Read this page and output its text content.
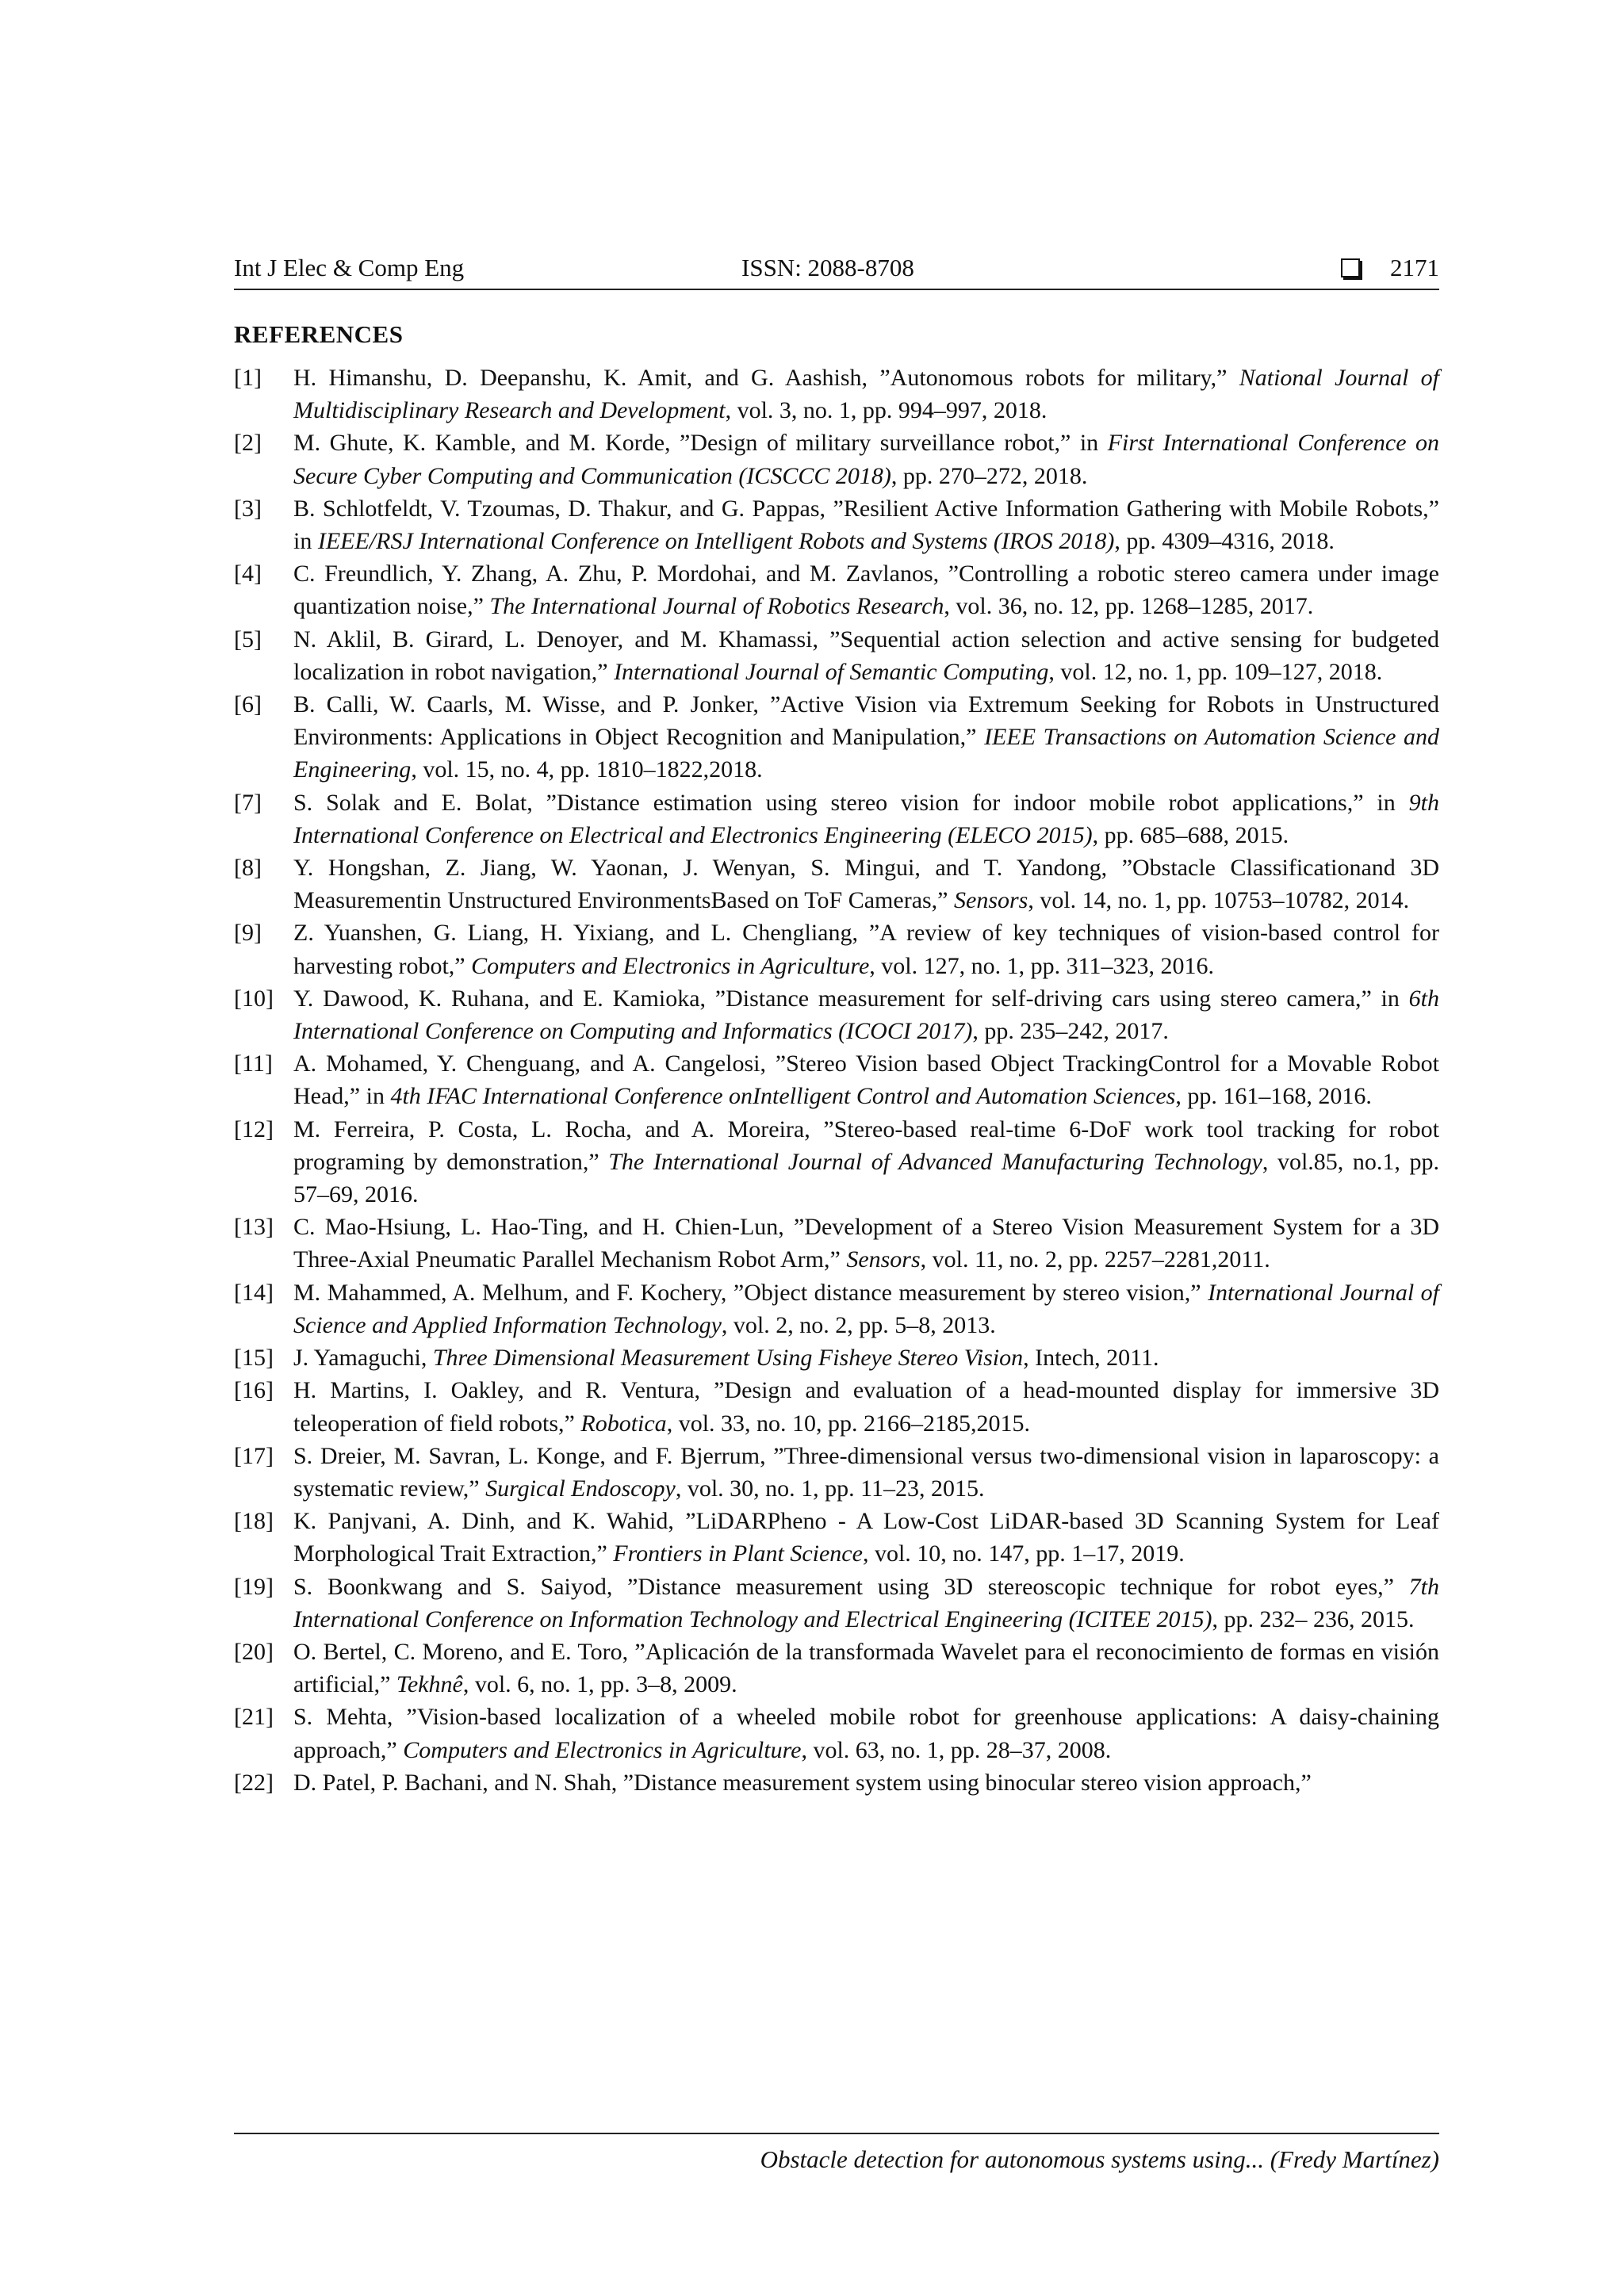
Int J Elec & Comp Eng	ISSN: 2088-8708	2171
REFERENCES

[1] H. Himanshu, D. Deepanshu, K. Amit, and G. Aashish, ”Autonomous robots for military,” National Journal of Multidisciplinary Research and Development, vol. 3, no. 1, pp. 994–997, 2018.

[2] M. Ghute, K. Kamble, and M. Korde, ”Design of military surveillance robot,” in First International Conference on Secure Cyber Computing and Communication (ICSCCC 2018), pp. 270–272, 2018.

[3] B. Schlotfeldt, V. Tzoumas, D. Thakur, and G. Pappas, ”Resilient Active Information Gathering with Mobile Robots,” in IEEE/RSJ International Conference on Intelligent Robots and Systems (IROS 2018), pp. 4309–4316, 2018.

[4] C. Freundlich, Y. Zhang, A. Zhu, P. Mordohai, and M. Zavlanos, ”Controlling a robotic stereo camera under image quantization noise,” The International Journal of Robotics Research, vol. 36, no. 12, pp. 1268–1285, 2017.

[5] N. Aklil, B. Girard, L. Denoyer, and M. Khamassi, ”Sequential action selection and active sensing for budgeted localization in robot navigation,” International Journal of Semantic Computing, vol. 12, no. 1, pp. 109–127, 2018.

[6] B. Calli, W. Caarls, M. Wisse, and P. Jonker, ”Active Vision via Extremum Seeking for Robots in Unstructured Environments: Applications in Object Recognition and Manipulation,” IEEE Transactions on Automation Science and Engineering, vol. 15, no. 4, pp. 1810–1822,2018.

[7] S. Solak and E. Bolat, ”Distance estimation using stereo vision for indoor mobile robot applications,” in 9th International Conference on Electrical and Electronics Engineering (ELECO 2015), pp. 685–688, 2015.

[8] Y. Hongshan, Z. Jiang, W. Yaonan, J. Wenyan, S. Mingui, and T. Yandong, ”Obstacle Classificationand 3D Measurementin Unstructured EnvironmentsBased on ToF Cameras,” Sensors, vol. 14, no. 1, pp. 10753–10782, 2014.

[9] Z. Yuanshen, G. Liang, H. Yixiang, and L. Chengliang, ”A review of key techniques of vision-based control for harvesting robot,” Computers and Electronics in Agriculture, vol. 127, no. 1, pp. 311–323, 2016.

[10] Y. Dawood, K. Ruhana, and E. Kamioka, ”Distance measurement for self-driving cars using stereo camera,” in 6th International Conference on Computing and Informatics (ICOCI 2017), pp. 235–242, 2017.

[11] A. Mohamed, Y. Chenguang, and A. Cangelosi, ”Stereo Vision based Object TrackingControl for a Movable Robot Head,” in 4th IFAC International Conference onIntelligent Control and Automation Sciences, pp. 161–168, 2016.

[12] M. Ferreira, P. Costa, L. Rocha, and A. Moreira, ”Stereo-based real-time 6-DoF work tool tracking for robot programing by demonstration,” The International Journal of Advanced Manufacturing Technology, vol.85, no.1, pp. 57–69, 2016.

[13] C. Mao-Hsiung, L. Hao-Ting, and H. Chien-Lun, ”Development of a Stereo Vision Measurement System for a 3D Three-Axial Pneumatic Parallel Mechanism Robot Arm,” Sensors, vol. 11, no. 2, pp. 2257–2281,2011.

[14] M. Mahammed, A. Melhum, and F. Kochery, ”Object distance measurement by stereo vision,” International Journal of Science and Applied Information Technology, vol. 2, no. 2, pp. 5–8, 2013.

[15] J. Yamaguchi, Three Dimensional Measurement Using Fisheye Stereo Vision, Intech, 2011.

[16] H. Martins, I. Oakley, and R. Ventura, ”Design and evaluation of a head-mounted display for immersive 3D teleoperation of field robots,” Robotica, vol. 33, no. 10, pp. 2166–2185,2015.

[17] S. Dreier, M. Savran, L. Konge, and F. Bjerrum, ”Three-dimensional versus two-dimensional vision in laparoscopy: a systematic review,” Surgical Endoscopy, vol. 30, no. 1, pp. 11–23, 2015.

[18] K. Panjvani, A. Dinh, and K. Wahid, ”LiDARPheno - A Low-Cost LiDAR-based 3D Scanning System for Leaf Morphological Trait Extraction,” Frontiers in Plant Science, vol. 10, no. 147, pp. 1–17, 2019.

[19] S. Boonkwang and S. Saiyod, ”Distance measurement using 3D stereoscopic technique for robot eyes,” 7th International Conference on Information Technology and Electrical Engineering (ICITEE 2015), pp. 232– 236, 2015.

[20] O. Bertel, C. Moreno, and E. Toro, ”Aplicación de la transformada Wavelet para el reconocimiento de formas en visión artificial,” Tekhnê, vol. 6, no. 1, pp. 3–8, 2009.

[21] S. Mehta, ”Vision-based localization of a wheeled mobile robot for greenhouse applications: A daisy-chaining approach,” Computers and Electronics in Agriculture, vol. 63, no. 1, pp. 28–37, 2008.

[22] D. Patel, P. Bachani, and N. Shah, ”Distance measurement system using binocular stereo vision approach,”

Obstacle detection for autonomous systems using... (Fredy Martínez)
